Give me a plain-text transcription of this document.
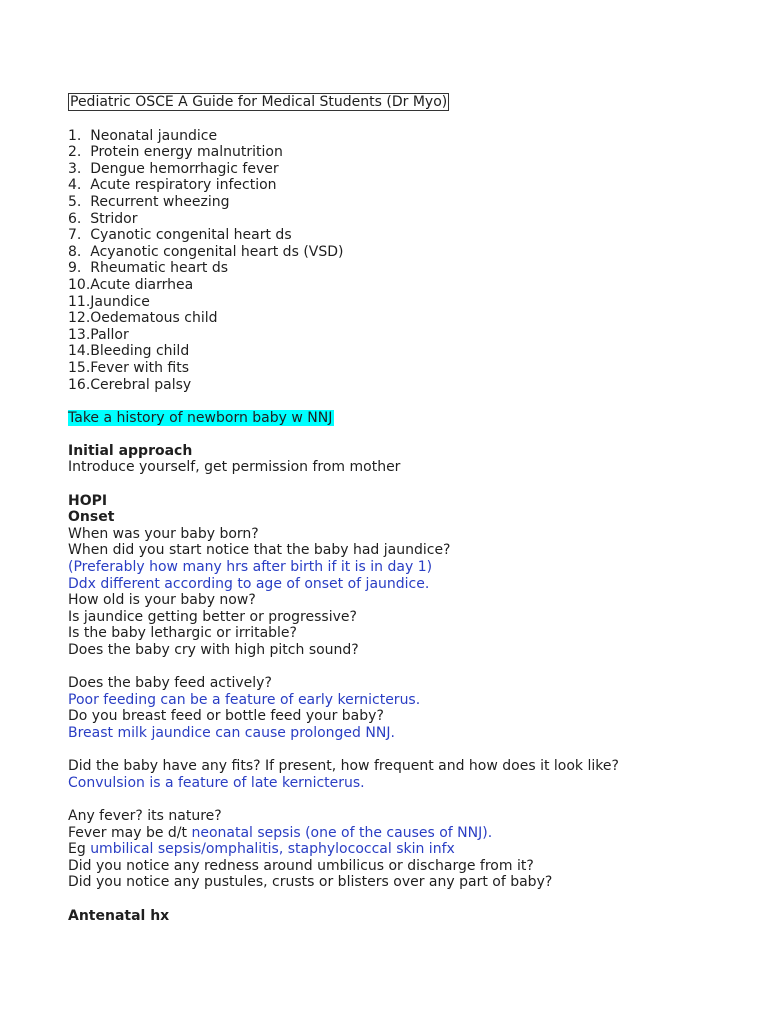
Pediatric OSCE A Guide for Medical Students (Dr Myo)
1.  Neonatal jaundice
2.  Protein energy malnutrition
3.  Dengue hemorrhagic fever
4.  Acute respiratory infection
5.  Recurrent wheezing
6.  Stridor
7.  Cyanotic congenital heart ds
8.  Acyanotic congenital heart ds (VSD)
9.  Rheumatic heart ds
10.Acute diarrhea
11.Jaundice
12.Oedematous child
13.Pallor
14.Bleeding child
15.Fever with fits
16.Cerebral palsy
Take a history of newborn baby w NNJ
Initial approach
Introduce yourself, get permission from mother
HOPI
Onset
When was your baby born?
When did you start notice that the baby had jaundice?
(Preferably how many hrs after birth if it is in day 1)
Ddx different according to age of onset of jaundice.
How old is your baby now?
Is jaundice getting better or progressive?
Is the baby lethargic or irritable?
Does the baby cry with high pitch sound?
Does the baby feed actively?
Poor feeding can be a feature of early kernicterus.
Do you breast feed or bottle feed your baby?
Breast milk jaundice can cause prolonged NNJ.
Did the baby have any fits? If present, how frequent and how does it look like?
Convulsion is a feature of late kernicterus.
Any fever? its nature?
Fever may be d/t neonatal sepsis (one of the causes of NNJ).
Eg umbilical sepsis/omphalitis, staphylococcal skin infx
Did you notice any redness around umbilicus or discharge from it?
Did you notice any pustules, crusts or blisters over any part of baby?
Antenatal hx
